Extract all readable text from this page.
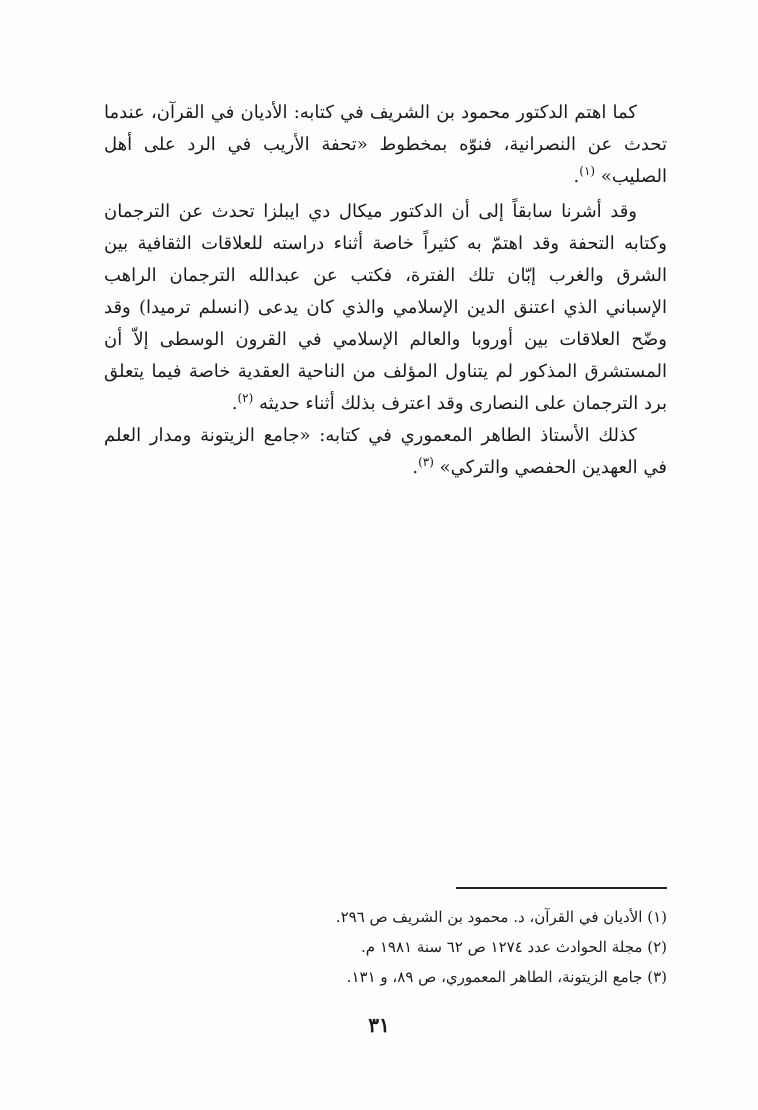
كما اهتم الدكتور محمود بن الشريف في كتابه: الأديان في القرآن، عندما تحدث عن النصرانية، فنوّه بمخطوط «تحفة الأريب في الرد على أهل الصليب» $^{(١)}$.

وقد أشرنا سابقاً إلى أن الدكتور ميكال دي ايبلزا تحدث عن الترجمان وكتابه التحفة وقد اهتمّ به كثيراً خاصة أثناء دراسته للعلاقات الثقافية بين الشرق والغرب إبّان تلك الفترة، فكتب عن عبدالله الترجمان الراهب الإسباني الذي اعتنق الدين الإسلامي والذي كان يدعى (انسلم ترميدا) وقد وضّح العلاقات بين أوروبا والعالم الإسلامي في القرون الوسطى إلاّ أن المستشرق المذكور لم يتناول المؤلف من الناحية العقدية خاصة فيما يتعلق برد الترجمان على النصارى وقد اعترف بذلك أثناء حديثه $^{(٢)}$.

كذلك الأستاذ الطاهر المعموري في كتابه: «جامع الزيتونة ومدار العلم في العهدين الحفصي والتركي» $^{(٣)}$.

(١) الأديان في القرآن، د. محمود بن الشريف ص ٢٩٦.
(٢) مجلة الحوادث عدد ١٢٧٤ ص ٦٢ سنة ١٩٨١ م.
(٣) جامع الزيتونة، الطاهر المعموري، ص ٨٩، و ١٣١.
٣١
